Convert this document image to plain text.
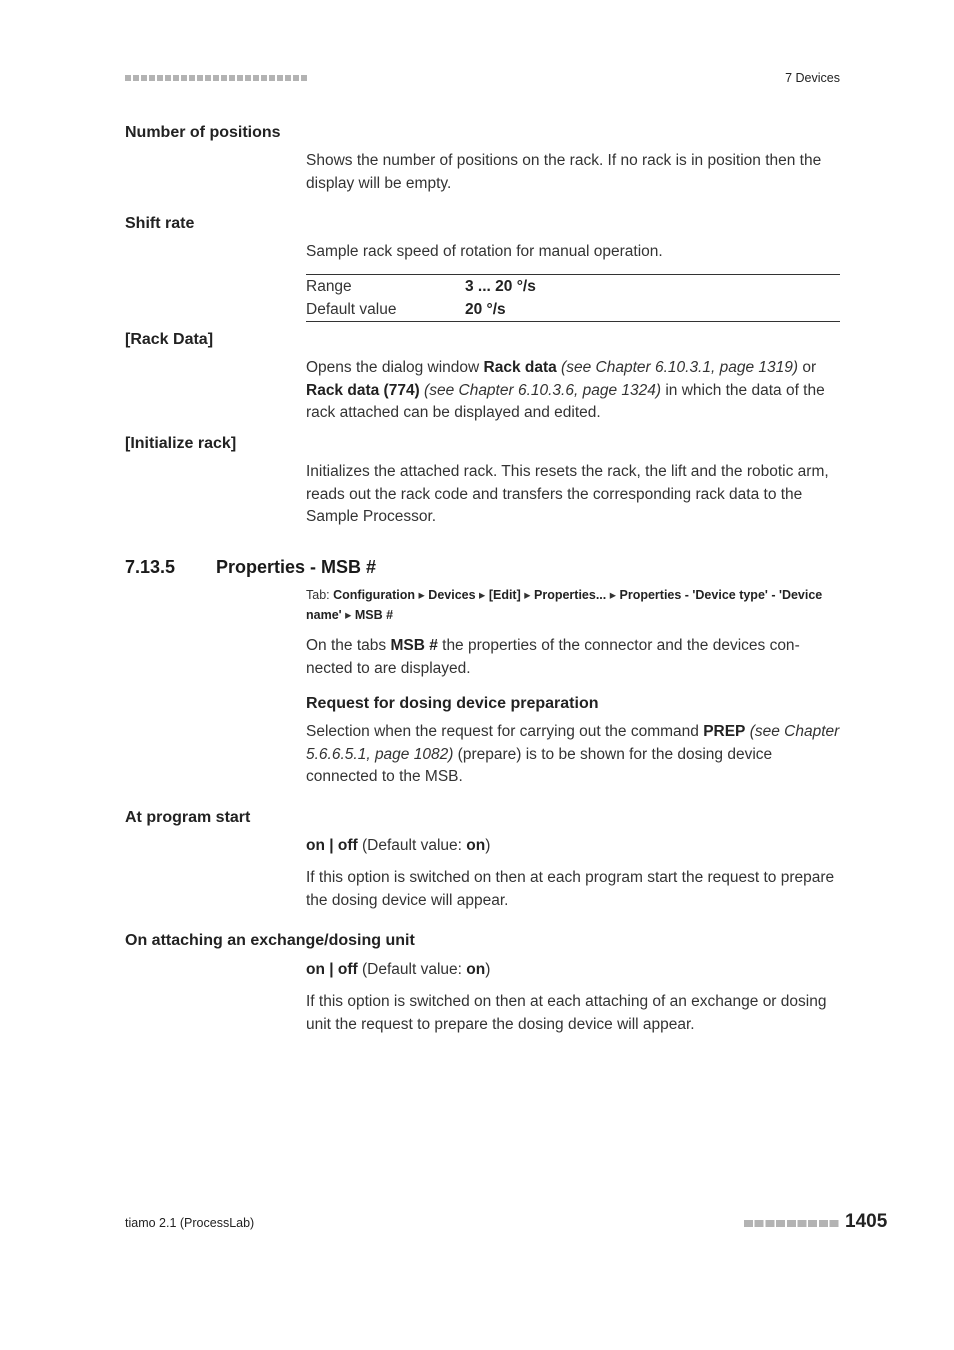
7 Devices
Number of positions
Shows the number of positions on the rack. If no rack is in position then the display will be empty.
Shift rate
Sample rack speed of rotation for manual operation.
Range	3 ... 20 °/s
Default value	20 °/s
[Rack Data]
Opens the dialog window Rack data (see Chapter 6.10.3.1, page 1319) or Rack data (774) (see Chapter 6.10.3.6, page 1324) in which the data of the rack attached can be displayed and edited.
[Initialize rack]
Initializes the attached rack. This resets the rack, the lift and the robotic arm, reads out the rack code and transfers the corresponding rack data to the Sample Processor.
7.13.5 Properties - MSB #
Tab: Configuration ▸ Devices ▸ [Edit] ▸ Properties... ▸ Properties - 'Device type' - 'Device name' ▸ MSB #
On the tabs MSB # the properties of the connector and the devices connected to are displayed.
Request for dosing device preparation
Selection when the request for carrying out the command PREP (see Chapter 5.6.6.5.1, page 1082) (prepare) is to be shown for the dosing device connected to the MSB.
At program start
on | off (Default value: on)
If this option is switched on then at each program start the request to prepare the dosing device will appear.
On attaching an exchange/dosing unit
on | off (Default value: on)
If this option is switched on then at each attaching of an exchange or dosing unit the request to prepare the dosing device will appear.
tiamo 2.1 (ProcessLab)	1405
